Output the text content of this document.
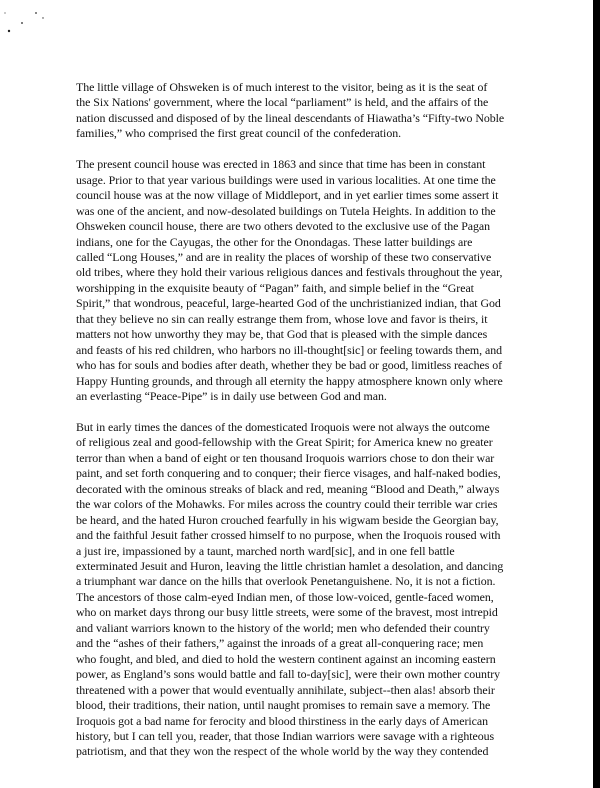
The little village of Ohsweken is of much interest to the visitor, being as it is the seat of
the Six Nations' government, where the local “parliament” is held, and the affairs of the
nation discussed and disposed of by the lineal descendants of Hiawatha’s “Fifty-two Noble
families,” who comprised the first great council of the confederation.

The present council house was erected in 1863 and since that time has been in constant
usage. Prior to that year various buildings were used in various localities. At one time the
council house was at the now village of Middleport, and in yet earlier times some assert it
was one of the ancient, and now-desolated buildings on Tutela Heights. In addition to the
Ohsweken council house, there are two others devoted to the exclusive use of the Pagan
indians, one for the Cayugas, the other for the Onondagas. These latter buildings are
called “Long Houses,” and are in reality the places of worship of these two conservative
old tribes, where they hold their various religious dances and festivals throughout the year,
worshipping in the exquisite beauty of “Pagan” faith, and simple belief in the “Great
Spirit,” that wondrous, peaceful, large-hearted God of the unchristianized indian, that God
that they believe no sin can really estrange them from, whose love and favor is theirs, it
matters not how unworthy they may be, that God that is pleased with the simple dances
and feasts of his red children, who harbors no ill-thought[sic] or feeling towards them, and
who has for souls and bodies after death, whether they be bad or good, limitless reaches of
Happy Hunting grounds, and through all eternity the happy atmosphere known only where
an everlasting “Peace-Pipe” is in daily use between God and man.

But in early times the dances of the domesticated Iroquois were not always the outcome
of religious zeal and good-fellowship with the Great Spirit; for America knew no greater
terror than when a band of eight or ten thousand Iroquois warriors chose to don their war
paint, and set forth conquering and to conquer; their fierce visages, and half-naked bodies,
decorated with the ominous streaks of black and red, meaning “Blood and Death,” always
the war colors of the Mohawks. For miles across the country could their terrible war cries
be heard, and the hated Huron crouched fearfully in his wigwam beside the Georgian bay,
and the faithful Jesuit father crossed himself to no purpose, when the Iroquois roused with
a just ire, impassioned by a taunt, marched north ward[sic], and in one fell battle
exterminated Jesuit and Huron, leaving the little christian hamlet a desolation, and dancing
a triumphant war dance on the hills that overlook Penetanguishene. No, it is not a fiction.
The ancestors of those calm-eyed Indian men, of those low-voiced, gentle-faced women,
who on market days throng our busy little streets, were some of the bravest, most intrepid
and valiant warriors known to the history of the world; men who defended their country
and the “ashes of their fathers,” against the inroads of a great all-conquering race; men
who fought, and bled, and died to hold the western continent against an incoming eastern
power, as England’s sons would battle and fall to-day[sic], were their own mother country
threatened with a power that would eventually annihilate, subject--then alas! absorb their
blood, their traditions, their nation, until naught promises to remain save a memory. The
Iroquois got a bad name for ferocity and blood thirstiness in the early days of American
history, but I can tell you, reader, that those Indian warriors were savage with a righteous
patriotism, and that they won the respect of the whole world by the way they contended
